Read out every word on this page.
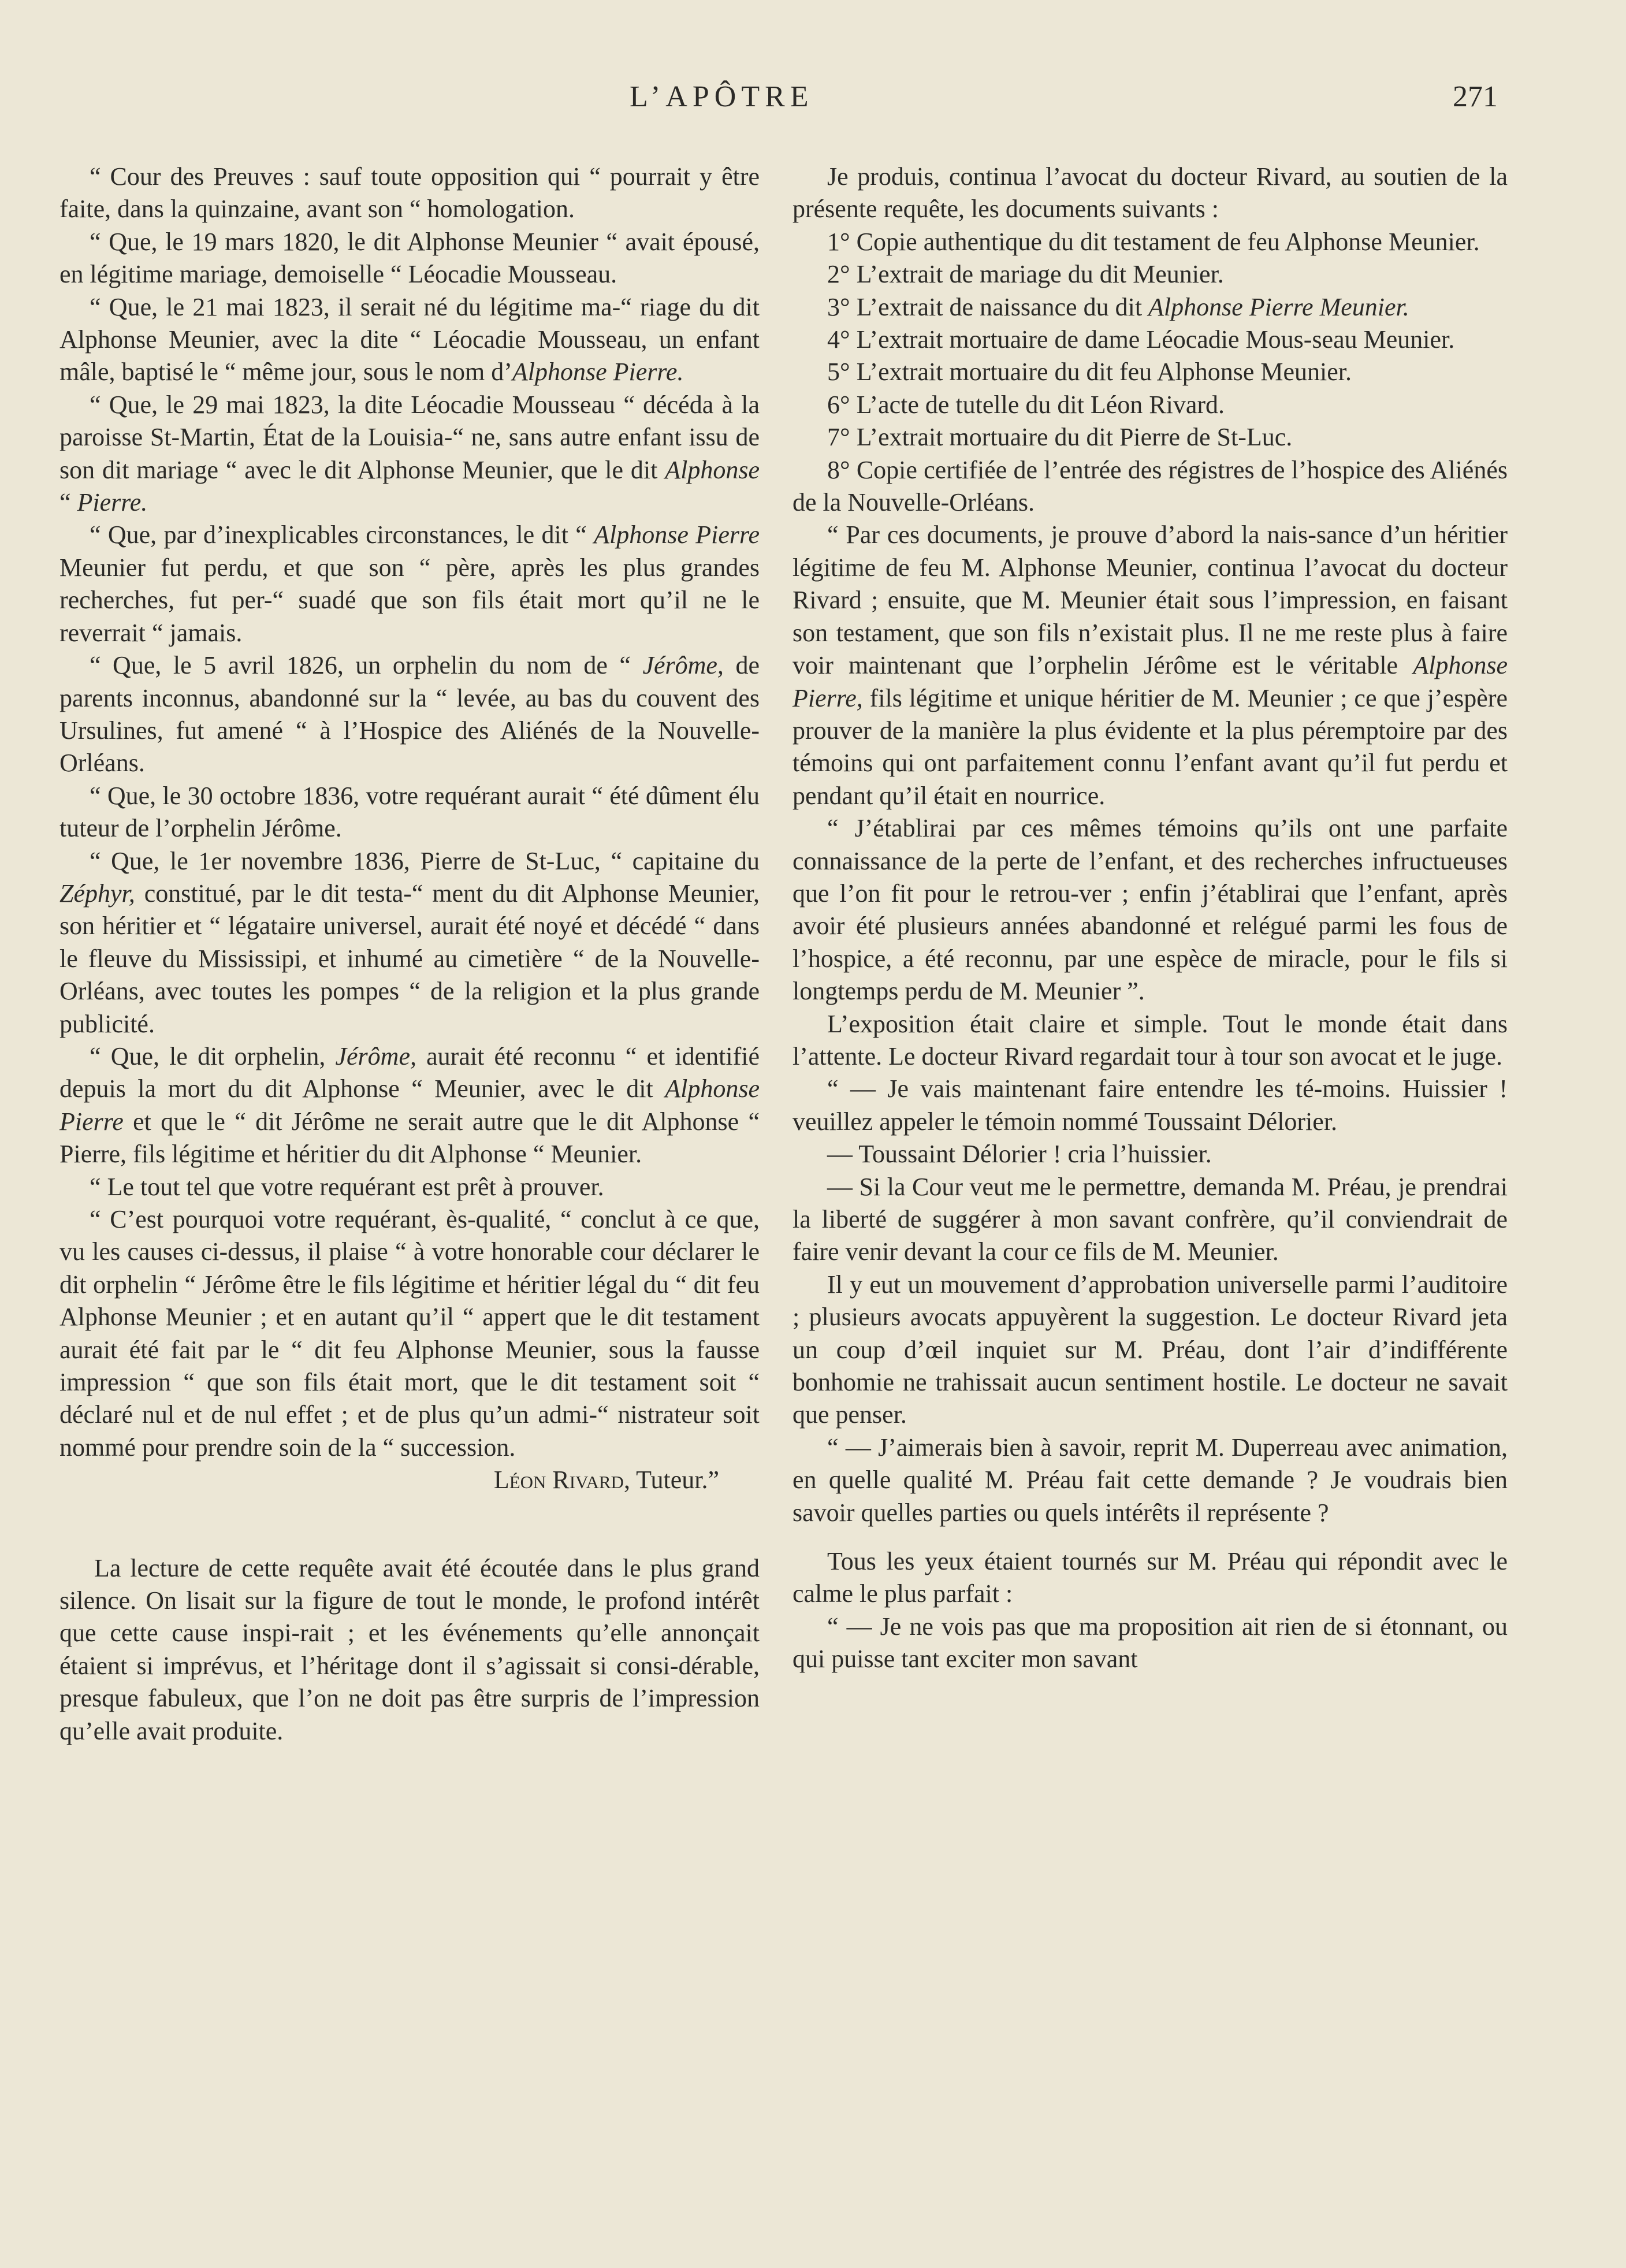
L’APÔTRE	271

“ Cour des Preuves : sauf toute opposition qui “ pourrait y être faite, dans la quinzaine, avant son “ homologation.

“ Que, le 19 mars 1820, le dit Alphonse Meunier “ avait épousé, en légitime mariage, demoiselle “ Léocadie Mousseau.

“ Que, le 21 mai 1823, il serait né du légitime ma-“ riage du dit Alphonse Meunier, avec la dite “ Léocadie Mousseau, un enfant mâle, baptisé le “ même jour, sous le nom d’Alphonse Pierre.

“ Que, le 29 mai 1823, la dite Léocadie Mousseau “ décéda à la paroisse St-Martin, État de la Louisia-“ ne, sans autre enfant issu de son dit mariage “ avec le dit Alphonse Meunier, que le dit Alphonse “ Pierre.

“ Que, par d’inexplicables circonstances, le dit “ Alphonse Pierre Meunier fut perdu, et que son “ père, après les plus grandes recherches, fut per-“ suadé que son fils était mort qu’il ne le reverrait “ jamais.

“ Que, le 5 avril 1826, un orphelin du nom de “ Jérôme, de parents inconnus, abandonné sur la “ levée, au bas du couvent des Ursulines, fut amené “ à l’Hospice des Aliénés de la Nouvelle-Orléans.

“ Que, le 30 octobre 1836, votre requérant aurait “ été dûment élu tuteur de l’orphelin Jérôme.

“ Que, le 1er novembre 1836, Pierre de St-Luc, “ capitaine du Zéphyr, constitué, par le dit testa-“ ment du dit Alphonse Meunier, son héritier et “ légataire universel, aurait été noyé et décédé “ dans le fleuve du Mississipi, et inhumé au cimetière “ de la Nouvelle-Orléans, avec toutes les pompes “ de la religion et la plus grande publicité.

“ Que, le dit orphelin, Jérôme, aurait été reconnu “ et identifié depuis la mort du dit Alphonse “ Meunier, avec le dit Alphonse Pierre et que le “ dit Jérôme ne serait autre que le dit Alphonse “ Pierre, fils légitime et héritier du dit Alphonse “ Meunier.

“ Le tout tel que votre requérant est prêt à prouver.

“ C’est pourquoi votre requérant, ès-qualité, “ conclut à ce que, vu les causes ci-dessus, il plaise “ à votre honorable cour déclarer le dit orphelin “ Jérôme être le fils légitime et héritier légal du “ dit feu Alphonse Meunier ; et en autant qu’il “ appert que le dit testament aurait été fait par le “ dit feu Alphonse Meunier, sous la fausse impression “ que son fils était mort, que le dit testament soit “ déclaré nul et de nul effet ; et de plus qu’un admi-“ nistrateur soit nommé pour prendre soin de la “ succession.

Léon Rivard, Tuteur.”

La lecture de cette requête avait été écoutée dans le plus grand silence. On lisait sur la figure de tout le monde, le profond intérêt que cette cause inspi-rait ; et les événements qu’elle annonçait étaient si imprévus, et l’héritage dont il s’agissait si consi-dérable, presque fabuleux, que l’on ne doit pas être surpris de l’impression qu’elle avait produite.

Je produis, continua l’avocat du docteur Rivard, au soutien de la présente requête, les documents suivants :

1° Copie authentique du dit testament de feu Alphonse Meunier.

2° L’extrait de mariage du dit Meunier.

3° L’extrait de naissance du dit Alphonse Pierre Meunier.

4° L’extrait mortuaire de dame Léocadie Mous-seau Meunier.

5° L’extrait mortuaire du dit feu Alphonse Meunier.

6° L’acte de tutelle du dit Léon Rivard.

7° L’extrait mortuaire du dit Pierre de St-Luc.

8° Copie certifiée de l’entrée des régistres de l’hospice des Aliénés de la Nouvelle-Orléans.

“ Par ces documents, je prouve d’abord la nais-sance d’un héritier légitime de feu M. Alphonse Meunier, continua l’avocat du docteur Rivard ; ensuite, que M. Meunier était sous l’impression, en faisant son testament, que son fils n’existait plus. Il ne me reste plus à faire voir maintenant que l’orphelin Jérôme est le véritable Alphonse Pierre, fils légitime et unique héritier de M. Meunier ; ce que j’espère prouver de la manière la plus évidente et la plus péremptoire par des témoins qui ont parfaitement connu l’enfant avant qu’il fut perdu et pendant qu’il était en nourrice.

“ J’établirai par ces mêmes témoins qu’ils ont une parfaite connaissance de la perte de l’enfant, et des recherches infructueuses que l’on fit pour le retrou-ver ; enfin j’établirai que l’enfant, après avoir été plusieurs années abandonné et relégué parmi les fous de l’hospice, a été reconnu, par une espèce de miracle, pour le fils si longtemps perdu de M. Meunier ”.

L’exposition était claire et simple. Tout le monde était dans l’attente. Le docteur Rivard regardait tour à tour son avocat et le juge.

“ — Je vais maintenant faire entendre les té-moins. Huissier ! veuillez appeler le témoin nommé Toussaint Délorier.

— Toussaint Délorier ! cria l’huissier.

— Si la Cour veut me le permettre, demanda M. Préau, je prendrai la liberté de suggérer à mon savant confrère, qu’il conviendrait de faire venir devant la cour ce fils de M. Meunier.

Il y eut un mouvement d’approbation universelle parmi l’auditoire ; plusieurs avocats appuyèrent la suggestion. Le docteur Rivard jeta un coup d’œil inquiet sur M. Préau, dont l’air d’indifférente bonhomie ne trahissait aucun sentiment hostile. Le docteur ne savait que penser.

“ — J’aimerais bien à savoir, reprit M. Duperreau avec animation, en quelle qualité M. Préau fait cette demande ? Je voudrais bien savoir quelles parties ou quels intérêts il représente ?

Tous les yeux étaient tournés sur M. Préau qui répondit avec le calme le plus parfait :

“ — Je ne vois pas que ma proposition ait rien de si étonnant, ou qui puisse tant exciter mon savant
